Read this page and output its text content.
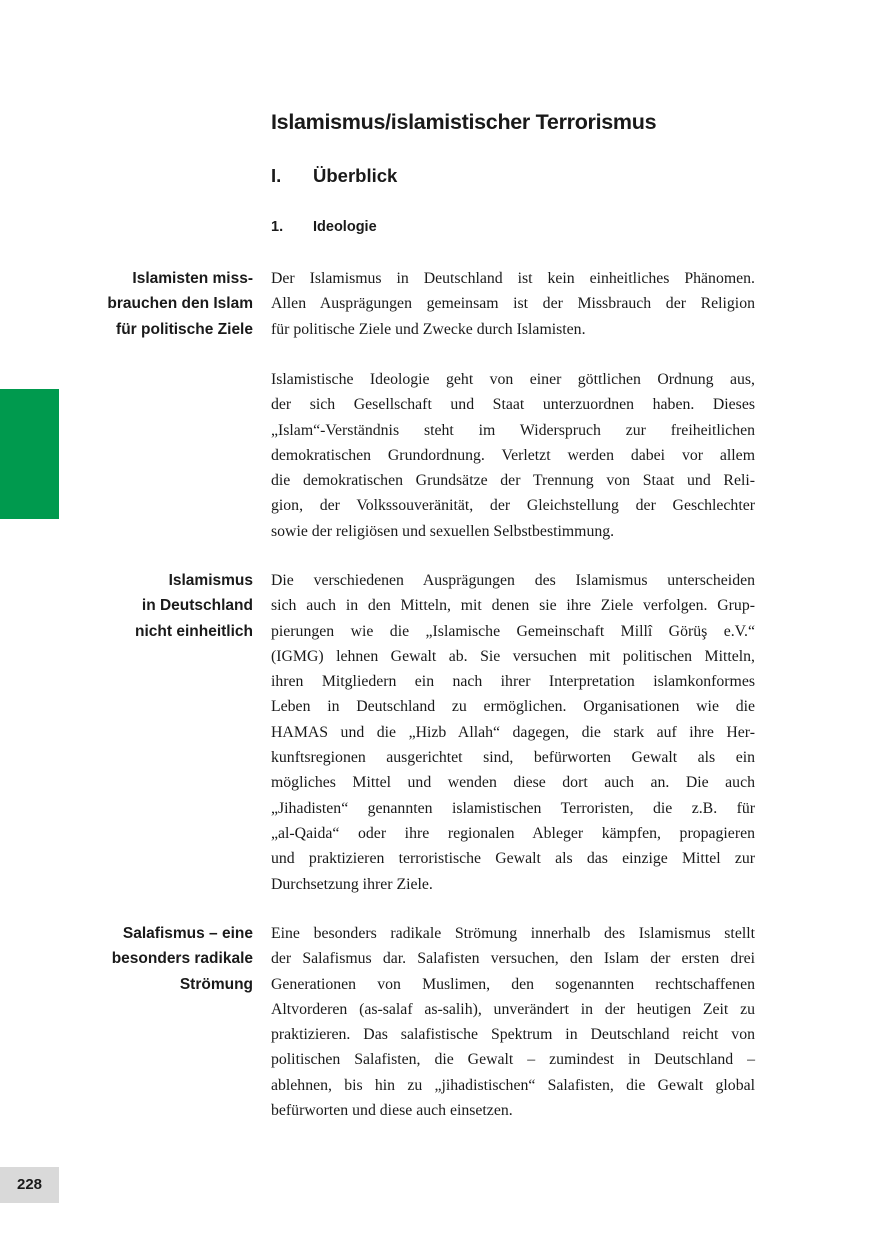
Islamismus/islamistischer Terrorismus
I. Überblick
1. Ideologie
Islamisten miss-
brauchen den Islam
für politische Ziele
Der Islamismus in Deutschland ist kein einheitliches Phänomen.
Allen Ausprägungen gemeinsam ist der Missbrauch der Religion
für politische Ziele und Zwecke durch Islamisten.
Islamistische Ideologie geht von einer göttlichen Ordnung aus,
der sich Gesellschaft und Staat unterzuordnen haben. Dieses
„Islam“-Verständnis steht im Widerspruch zur freiheitlichen
demokratischen Grundordnung. Verletzt werden dabei vor allem
die demokratischen Grundsätze der Trennung von Staat und Reli-
gion, der Volkssouveränität, der Gleichstellung der Geschlechter
sowie der religiösen und sexuellen Selbstbestimmung.
Islamismus
in Deutschland
nicht einheitlich
Die verschiedenen Ausprägungen des Islamismus unterscheiden
sich auch in den Mitteln, mit denen sie ihre Ziele verfolgen. Grup-
pierungen wie die „Islamische Gemeinschaft Millî Görüş e.V.“
(IGMG) lehnen Gewalt ab. Sie versuchen mit politischen Mitteln,
ihren Mitgliedern ein nach ihrer Interpretation islamkonformes
Leben in Deutschland zu ermöglichen. Organisationen wie die
HAMAS und die „Hizb Allah“ dagegen, die stark auf ihre Her-
kunftsregionen ausgerichtet sind, befürworten Gewalt als ein
mögliches Mittel und wenden diese dort auch an. Die auch
„Jihadisten“ genannten islamistischen Terroristen, die z.B. für
„al-Qaida“ oder ihre regionalen Ableger kämpfen, propagieren
und praktizieren terroristische Gewalt als das einzige Mittel zur
Durchsetzung ihrer Ziele.
Salafismus – eine
besonders radikale
Strömung
Eine besonders radikale Strömung innerhalb des Islamismus stellt
der Salafismus dar. Salafisten versuchen, den Islam der ersten drei
Generationen von Muslimen, den sogenannten rechtschaffenen
Altvorderen (as-salaf as-salih), unverändert in der heutigen Zeit zu
praktizieren. Das salafistische Spektrum in Deutschland reicht von
politischen Salafisten, die Gewalt – zumindest in Deutschland –
ablehnen, bis hin zu „jihadistischen“ Salafisten, die Gewalt global
befürworten und diese auch einsetzen.
228
